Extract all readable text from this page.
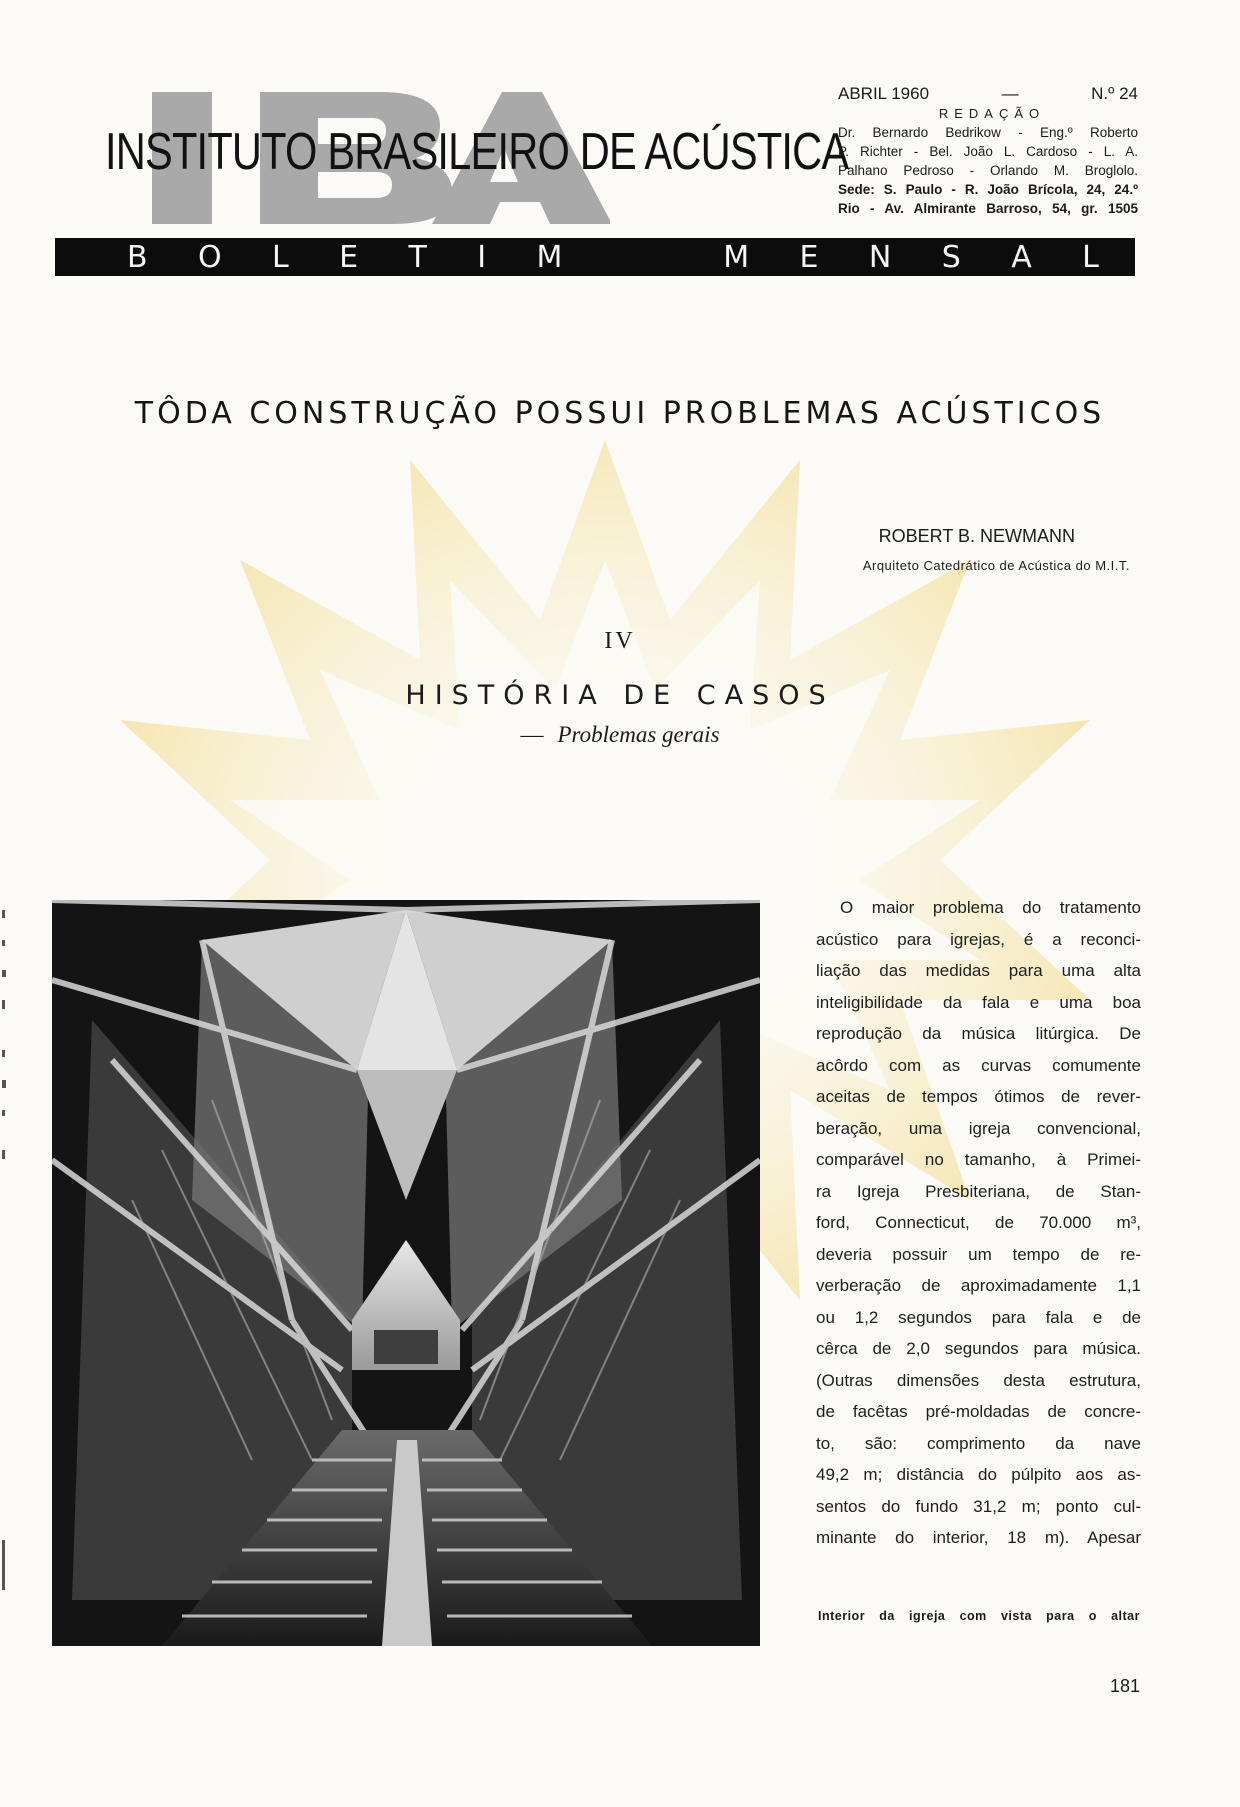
INSTITUTO BRASILEIRO DE ACÚSTICA
ABRIL 1960	—	N.º 24
REDAÇÃO
Dr. Bernardo Bedrikow - Eng.º Roberto
P. Richter - Bel. João L. Cardoso - L. A.
Palhano Pedroso - Orlando M. Broglolo.
Sede: S. Paulo - R. João Brícola, 24, 24.º
Rio - Av. Almirante Barroso, 54, gr. 1505
B O L E T I M	M E N S A L
TÔDA CONSTRUÇÃO POSSUI PROBLEMAS ACÚSTICOS
ROBERT B. NEWMANN
Arquiteto Catedrático de Acústica do M.I.T.
IV
HISTÓRIA DE CASOS
— Problemas gerais
O maior problema do tratamento
acústico para igrejas, é a reconci-
liação das medidas para uma alta
inteligibilidade da fala e uma boa
reprodução da música litúrgica. De
acôrdo com as curvas comumente
aceitas de tempos ótimos de rever-
beração, uma igreja convencional,
comparável no tamanho, à Primei-
ra Igreja Presbiteriana, de Stan-
ford, Connecticut, de 70.000 m³,
deveria possuir um tempo de re-
verberação de aproximadamente 1,1
ou 1,2 segundos para fala e de
cêrca de 2,0 segundos para música.
(Outras dimensões desta estrutura,
de facêtas pré-moldadas de concre-
to, são: comprimento da nave
49,2 m; distância do púlpito aos as-
sentos do fundo 31,2 m; ponto cul-
minante do interior, 18 m). Apesar
Interior da igreja com vista para o altar
181
